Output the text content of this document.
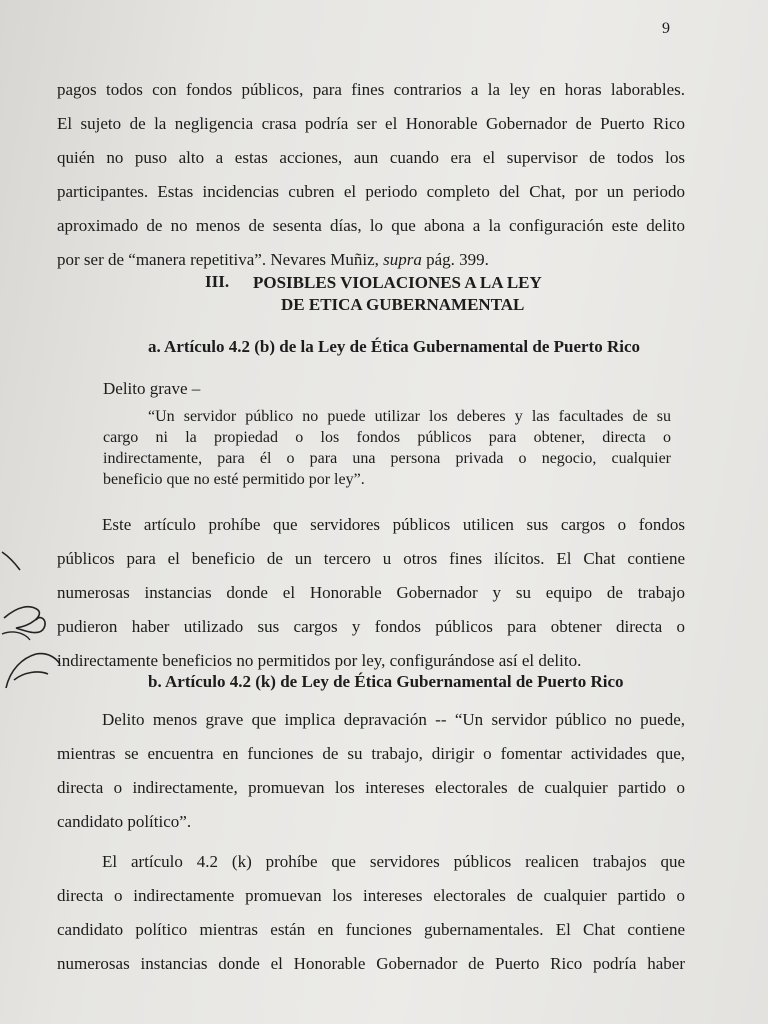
9
pagos todos con fondos públicos, para fines contrarios a la ley en horas laborables.
El sujeto de la negligencia crasa podría ser el Honorable Gobernador de Puerto Rico
quién no puso alto a estas acciones, aun cuando era el supervisor de todos los
participantes. Estas incidencias cubren el periodo completo del Chat, por un periodo
aproximado de no menos de sesenta días, lo que abona a la configuración este delito
por ser de “manera repetitiva”. Nevares Muñiz, supra pág. 399.
III. POSIBLES VIOLACIONES A LA LEY
DE ETICA GUBERNAMENTAL
a. Artículo 4.2 (b) de la Ley de Ética Gubernamental de Puerto Rico
Delito grave –
“Un servidor público no puede utilizar los deberes y las facultades de su
cargo ni la propiedad o los fondos públicos para obtener, directa o
indirectamente, para él o para una persona privada o negocio, cualquier
beneficio que no esté permitido por ley”.
Este artículo prohíbe que servidores públicos utilicen sus cargos o fondos
públicos para el beneficio de un tercero u otros fines ilícitos. El Chat contiene
numerosas instancias donde el Honorable Gobernador y su equipo de trabajo
pudieron haber utilizado sus cargos y fondos públicos para obtener directa o
indirectamente beneficios no permitidos por ley, configurándose así el delito.
b. Artículo 4.2 (k) de Ley de Ética Gubernamental de Puerto Rico
Delito menos grave que implica depravación -- “Un servidor público no puede,
mientras se encuentra en funciones de su trabajo, dirigir o fomentar actividades que,
directa o indirectamente, promuevan los intereses electorales de cualquier partido o
candidato político”.
El artículo 4.2 (k) prohíbe que servidores públicos realicen trabajos que
directa o indirectamente promuevan los intereses electorales de cualquier partido o
candidato político mientras están en funciones gubernamentales. El Chat contiene
numerosas instancias donde el Honorable Gobernador de Puerto Rico podría haber
